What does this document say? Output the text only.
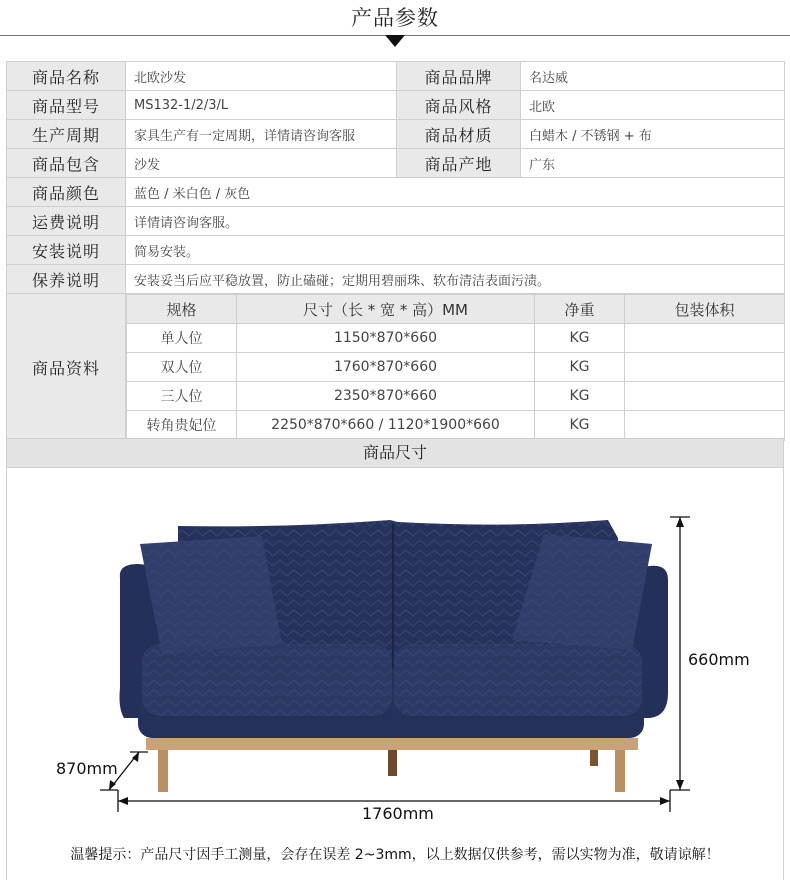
产品参数
商品名称	北欧沙发	商品品牌	名达威
商品型号	MS132-1/2/3/L	商品风格	北欧
生产周期	家具生产有一定周期，详情请咨询客服	商品材质	白蜡木 / 不锈钢 + 布
商品包含	沙发	商品产地	广东
商品颜色	蓝色 / 米白色 / 灰色
运费说明	详情请咨询客服。
安装说明	简易安装。
保养说明	安装妥当后应平稳放置，防止磕碰；定期用碧丽珠、软布清洁表面污渍。
商品资料	
规格	尺寸（长 * 宽 * 高）MM	净重	包装体积
单人位	1150*870*660	KG	
双人位	1760*870*660	KG	
三人位	2350*870*660	KG	
转角贵妃位	2250*870*660 / 1120*1900*660	KG	
商品尺寸
660mm
870mm
1760mm
温馨提示：产品尺寸因手工测量，会存在误差 2~3mm，以上数据仅供参考，需以实物为准，敬请谅解！
